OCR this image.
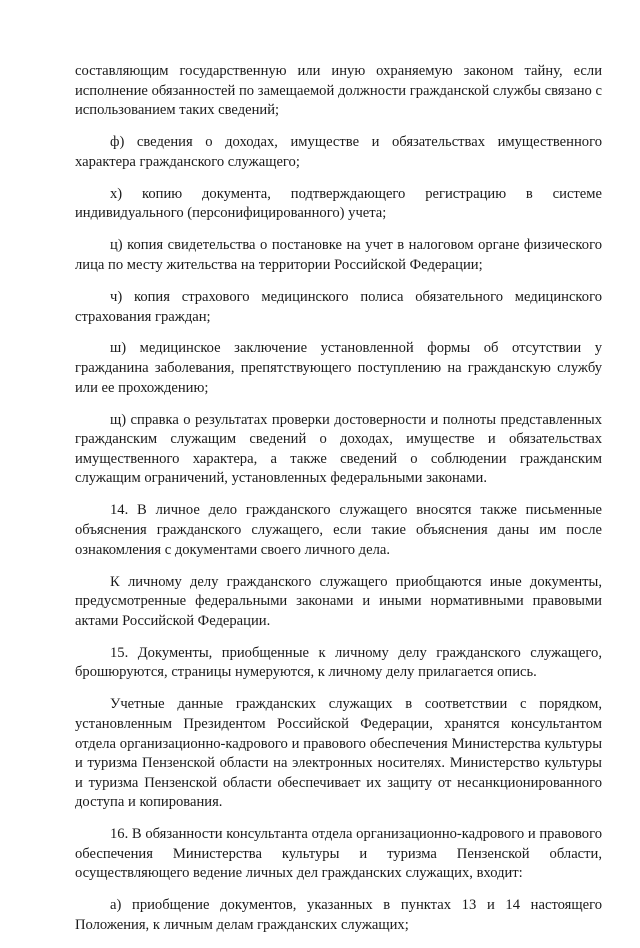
составляющим государственную или иную охраняемую законом тайну, если исполнение обязанностей по замещаемой должности гражданской службы связано с использованием таких сведений;

ф) сведения о доходах, имуществе и обязательствах имущественного характера гражданского служащего;

х) копию документа, подтверждающего регистрацию в системе индивидуального (персонифицированного) учета;

ц) копия свидетельства о постановке на учет в налоговом органе физического лица по месту жительства на территории Российской Федерации;

ч) копия страхового медицинского полиса обязательного медицинского страхования граждан;

ш) медицинское заключение установленной формы об отсутствии у гражданина заболевания, препятствующего поступлению на гражданскую службу или ее прохождению;

щ) справка о результатах проверки достоверности и полноты представленных гражданским служащим сведений о доходах, имуществе и обязательствах имущественного характера, а также сведений о соблюдении гражданским служащим ограничений, установленных федеральными законами.

14. В личное дело гражданского служащего вносятся также письменные объяснения гражданского служащего, если такие объяснения даны им после ознакомления с документами своего личного дела.

К личному делу гражданского служащего приобщаются иные документы, предусмотренные федеральными законами и иными нормативными правовыми актами Российской Федерации.

15. Документы, приобщенные к личному делу гражданского служащего, брошюруются, страницы нумеруются, к личному делу прилагается опись.

Учетные данные гражданских служащих в соответствии с порядком, установленным Президентом Российской Федерации, хранятся консультантом отдела организационно-кадрового и правового обеспечения Министерства культуры и туризма Пензенской области на электронных носителях. Министерство культуры и туризма Пензенской области обеспечивает их защиту от несанкционированного доступа и копирования.

16. В обязанности консультанта отдела организационно-кадрового и правового обеспечения Министерства культуры и туризма Пензенской области, осуществляющего ведение личных дел гражданских служащих, входит:

а) приобщение документов, указанных в пунктах 13 и 14 настоящего Положения, к личным делам гражданских служащих;
